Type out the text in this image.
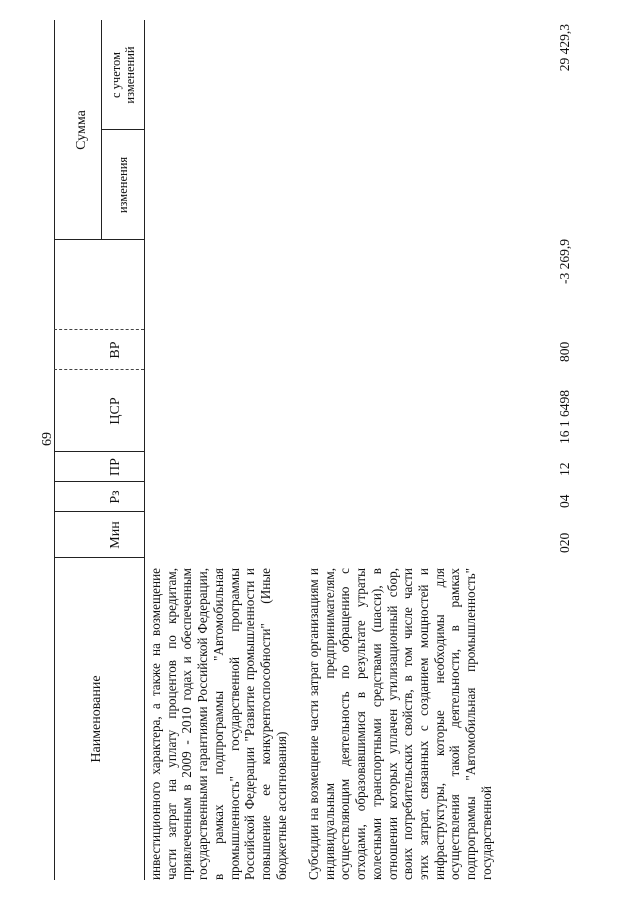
69
Наименование
Мин
Рз
ПР
ЦСР
ВР
Сумма
изменения
с учетом изменений
инвестиционного характера, а также на возмещение части затрат на уплату процентов по кредитам, привлеченным в 2009 - 2010 годах и обеспеченным государственными гарантиями Российской Федерации, в рамках подпрограммы "Автомобильная промышленность" государственной программы Российской Федерации "Развитие промышленности и повышение ее конкурентоспособности" (Иные бюджетные ассигнования) Субсидии на возмещение части затрат организациям и индивидуальным предпринимателям, осуществляющим деятельность по обращению с отходами, образовавшимися в результате утраты колесными транспортными средствами (шасси), в отношении которых уплачен утилизационный сбор, своих потребительских свойств, в том числе части этих затрат, связанных с созданием мощностей и инфраструктуры, которые необходимы для осуществления такой деятельности, в рамках подпрограммы "Автомобильная промышленность" государственной
020
04
12
16 1 6498
800
-3 269,9
29 429,3
